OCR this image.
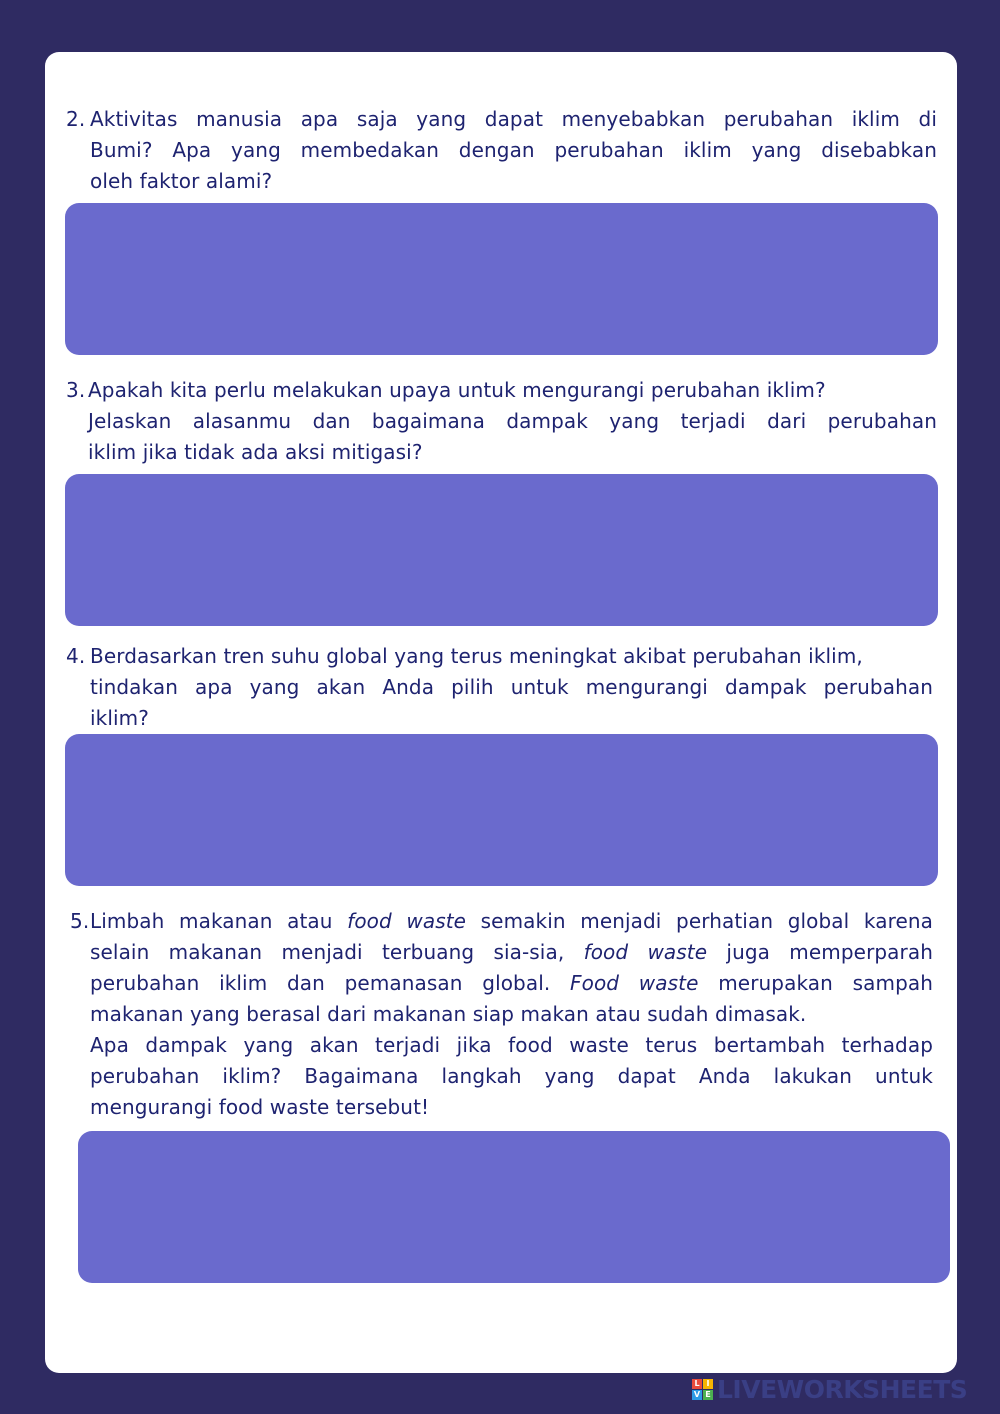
2. Aktivitas manusia apa saja yang dapat menyebabkan perubahan iklim di
Bumi? Apa yang membedakan dengan perubahan iklim yang disebabkan
oleh faktor alami?
3. Apakah kita perlu melakukan upaya untuk mengurangi perubahan iklim?
Jelaskan alasanmu dan bagaimana dampak yang terjadi dari perubahan
iklim jika tidak ada aksi mitigasi?
4. Berdasarkan tren suhu global yang terus meningkat akibat perubahan iklim,
tindakan apa yang akan Anda pilih untuk mengurangi dampak perubahan
iklim?
5. Limbah makanan atau food waste semakin menjadi perhatian global karena
selain makanan menjadi terbuang sia-sia, food waste juga memperparah
perubahan iklim dan pemanasan global. Food waste merupakan sampah
makanan yang berasal dari makanan siap makan atau sudah dimasak.
Apa dampak yang akan terjadi jika food waste terus bertambah terhadap
perubahan iklim? Bagaimana langkah yang dapat Anda lakukan untuk
mengurangi food waste tersebut!
L I
V E LIVEWORKSHEETS
